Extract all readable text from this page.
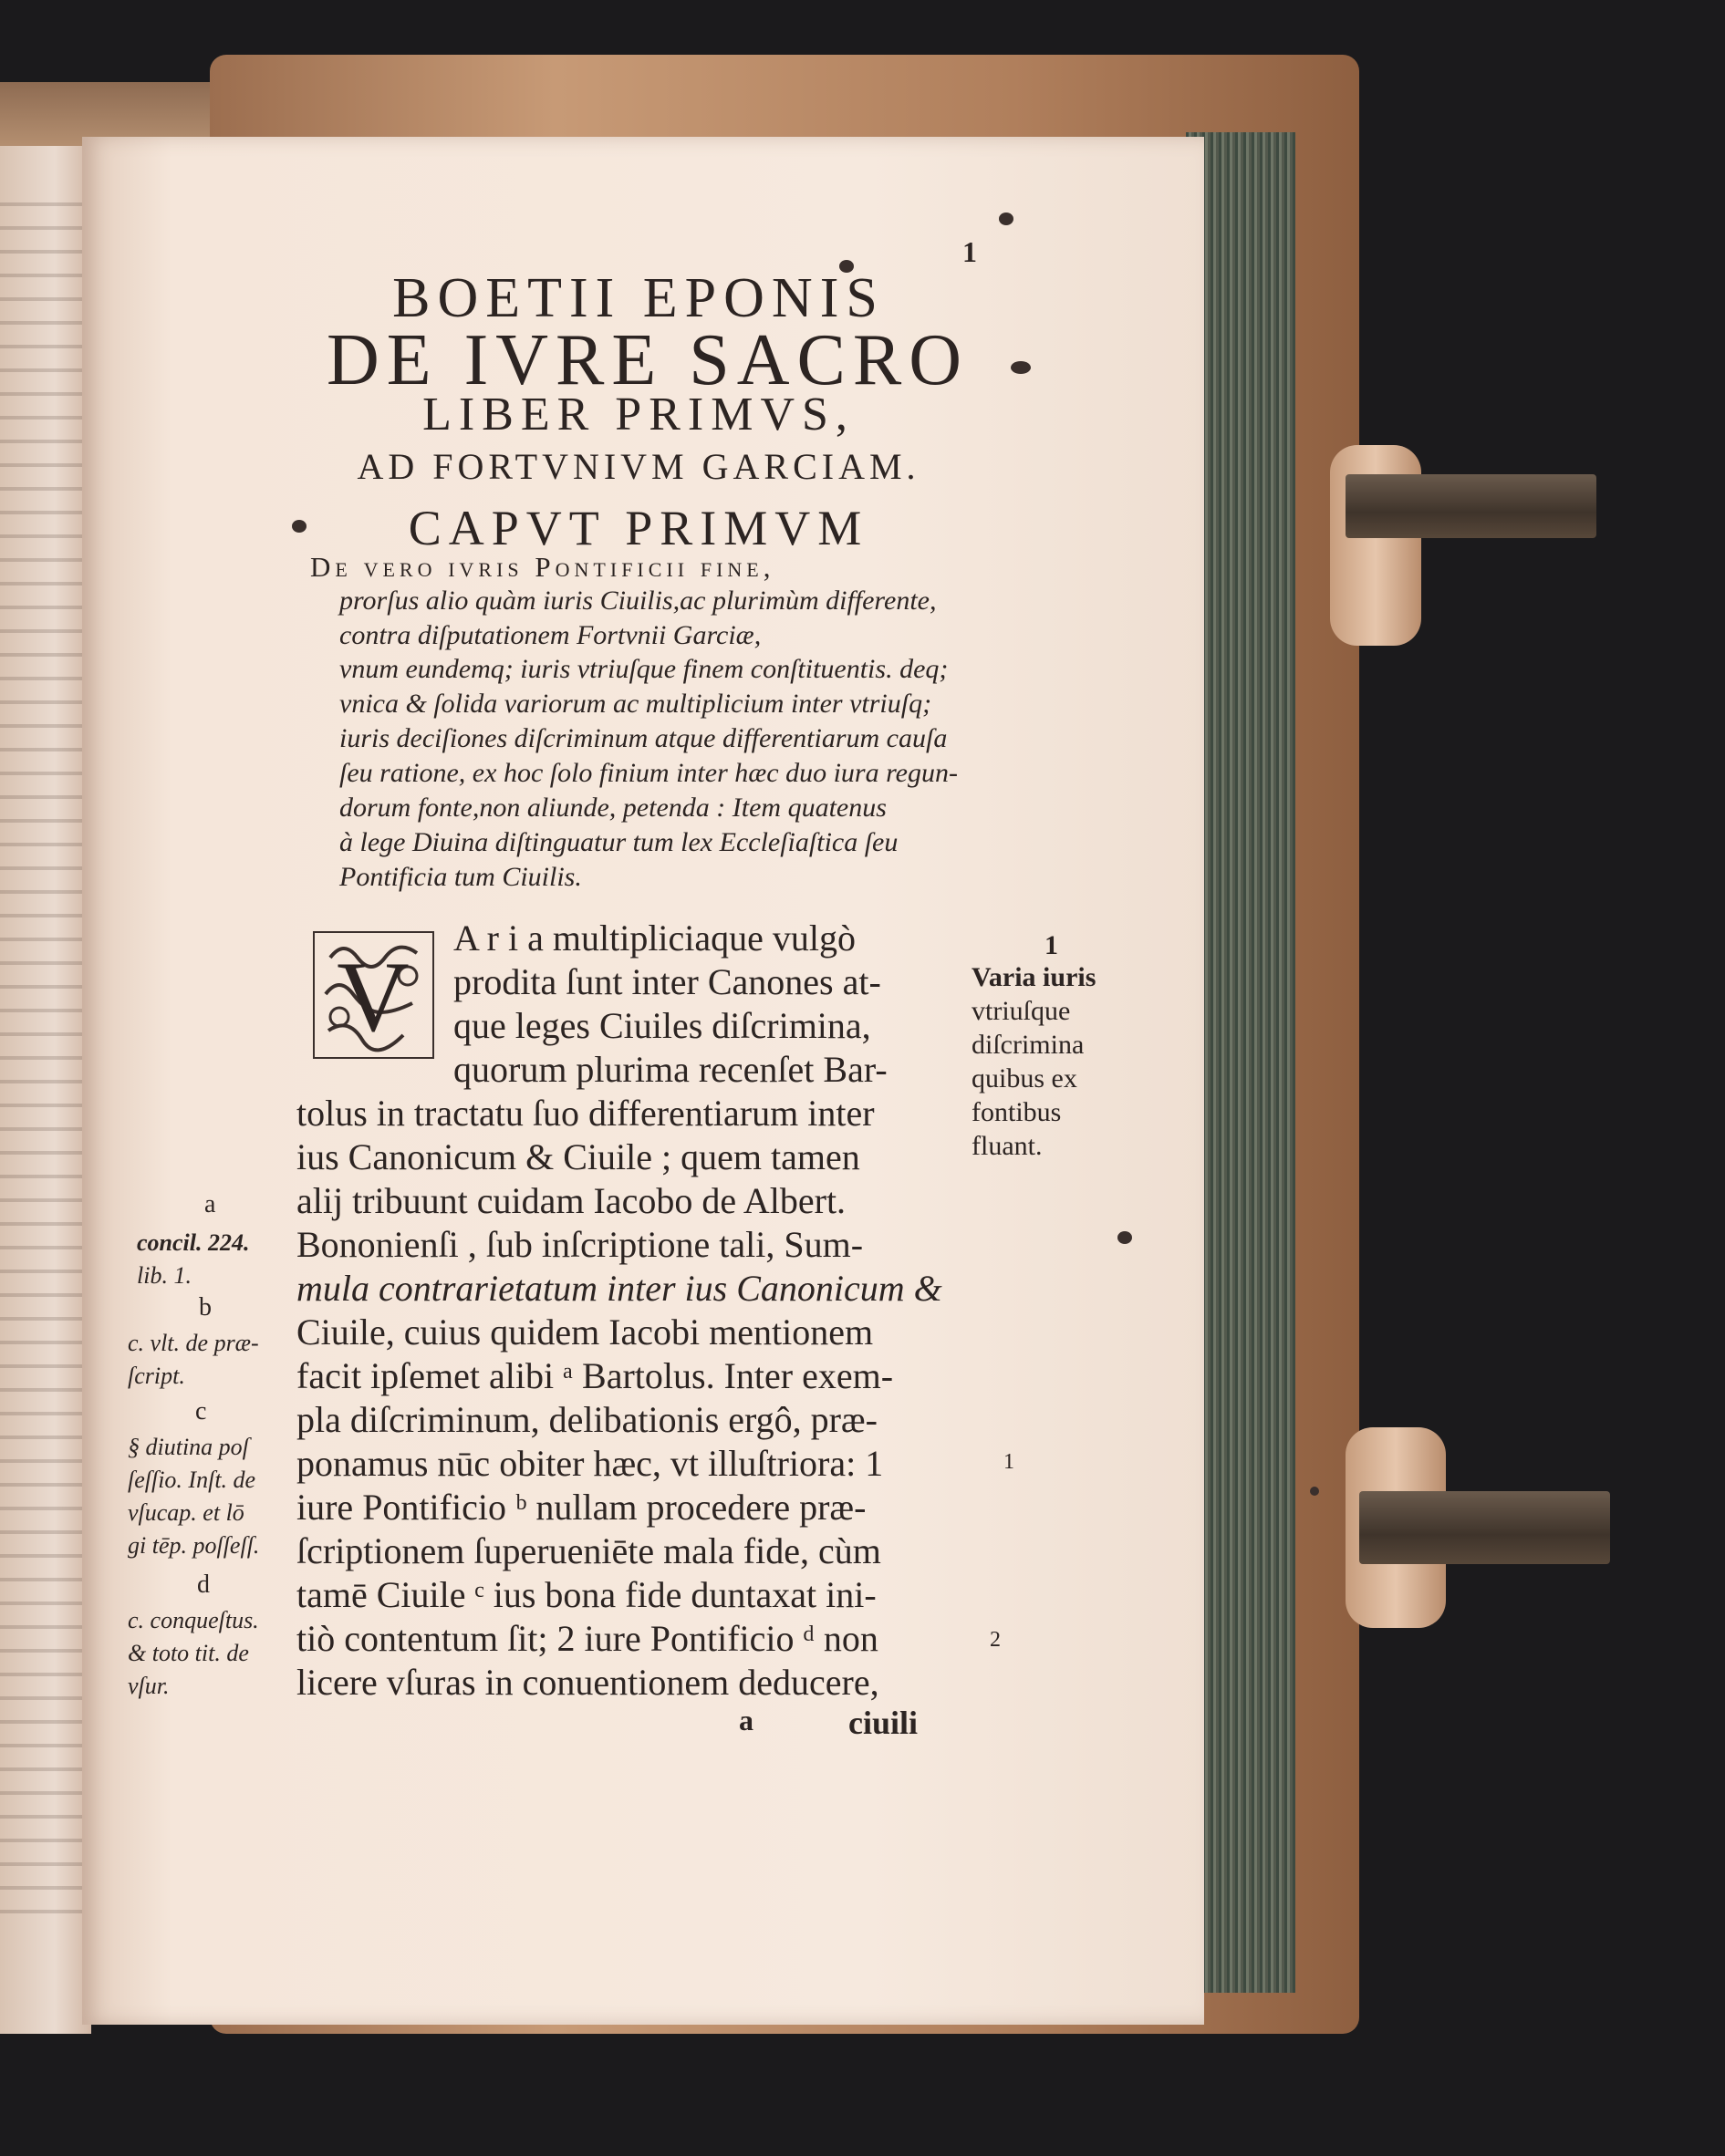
1
BOETII EPONIS
DE IVRE SACRO
LIBER PRIMVS,
AD FORTVNIVM GARCIAM.
CAPVT PRIMVM
De vero ivris Pontificii fine,
prorſus alio quàm iuris Ciuilis,ac plurimùm differente,
contra diſputationem Fortvnii Garciæ,
vnum eundemq; iuris vtriuſque finem conſtituentis. deq;
vnica & ſolida variorum ac multiplicium inter vtriuſq;
iuris deciſiones diſcriminum atque differentiarum cauſa
ſeu ratione, ex hoc ſolo finium inter hæc duo iura regun-
dorum fonte,non aliunde, petenda : Item quatenus
à lege Diuina diſtinguatur tum lex Eccleſiaſtica ſeu
Pontificia tum Ciuilis.
V
A r i a multipliciaque vulgò
prodita ſunt inter Canones at-
que leges Ciuiles diſcrimina,
quorum plurima recenſet Bar-
tolus in tractatu ſuo differentiarum inter
ius Canonicum & Ciuile ; quem tamen
alij tribuunt cuidam Iacobo de Albert.
Bononienſi , ſub inſcriptione tali, Sum-
mula contrarietatum inter ius Canonicum &
Ciuile, cuius quidem Iacobi mentionem
facit ipſemet alibi ᵃ Bartolus. Inter exem-
pla diſcriminum, delibationis ergô, præ-
ponamus nūc obiter hæc, vt illuſtriora: 1
iure Pontificio ᵇ nullam procedere præ-
ſcriptionem ſuperueniēte mala fide, cùm
tamē Ciuile ᶜ ius bona fide duntaxat ini-
tiò contentum ſit; 2 iure Pontificio ᵈ non
licere vſuras in conuentionem deducere,
a	ciuili
a
concil. 224.
lib. 1.
b
c. vlt. de præ-
ſcript.
c
§ diutina poſ
ſeſſio. Inſt. de
vſucap. et lō
gi tēp. poſſeſſ.
d
c. conqueſtus.
& toto tit. de
vſur.
1
Varia iuris
vtriuſque
diſcrimina
quibus ex
fontibus
fluant.
1
2
